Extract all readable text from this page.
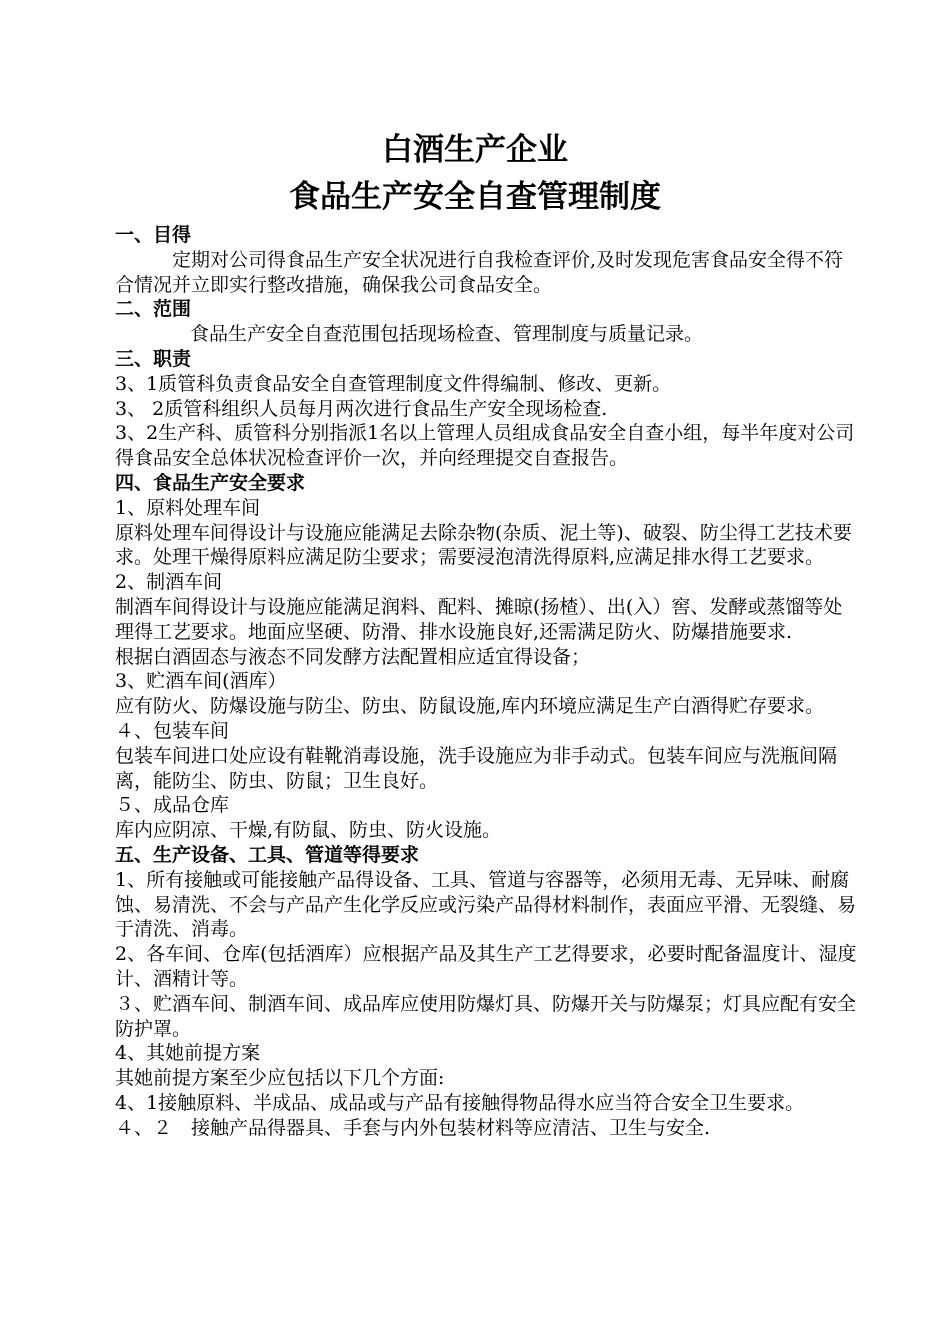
白酒生产企业
食品生产安全自查管理制度

一、目得

定期对公司得食品生产安全状况进行自我检查评价,及时发现危害食品安全得不符合情况并立即实行整改措施，确保我公司食品安全。

二、范围

食品生产安全自查范围包括现场检查、管理制度与质量记录。

三、职责

3、1质管科负责食品安全自查管理制度文件得编制、修改、更新。

3、 2质管科组织人员每月两次进行食品生产安全现场检查.

3、2生产科、质管科分别指派1名以上管理人员组成食品安全自查小组，每半年度对公司得食品安全总体状况检查评价一次，并向经理提交自查报告。

四、食品生产安全要求

1、原料处理车间

原料处理车间得设计与设施应能满足去除杂物(杂质、泥土等)、破裂、防尘得工艺技术要求。处理干燥得原料应满足防尘要求；需要浸泡清洗得原料,应满足排水得工艺要求。

2、制酒车间

制酒车间得设计与设施应能满足润料、配料、摊晾(扬楂）、出(入）窖、发酵或蒸馏等处理得工艺要求。地面应坚硬、防滑、排水设施良好,还需满足防火、防爆措施要求.

根据白酒固态与液态不同发酵方法配置相应适宜得设备；

3、贮酒车间(酒库）

应有防火、防爆设施与防尘、防虫、防鼠设施,库内环境应满足生产白酒得贮存要求。

４、包装车间

包装车间进口处应设有鞋靴消毒设施，洗手设施应为非手动式。包装车间应与洗瓶间隔离，能防尘、防虫、防鼠；卫生良好。

５、成品仓库

库内应阴凉、干燥,有防鼠、防虫、防火设施。

五、生产设备、工具、管道等得要求

1、所有接触或可能接触产品得设备、工具、管道与容器等，必须用无毒、无异味、耐腐蚀、易清洗、不会与产品产生化学反应或污染产品得材料制作，表面应平滑、无裂缝、易于清洗、消毒。

2、各车间、仓库(包括酒库）应根据产品及其生产工艺得要求，必要时配备温度计、湿度计、酒精计等。

３、贮酒车间、制酒车间、成品库应使用防爆灯具、防爆开关与防爆泵；灯具应配有安全防护罩。

4、其她前提方案

其她前提方案至少应包括以下几个方面:

4、1接触原料、半成品、成品或与产品有接触得物品得水应当符合安全卫生要求。

４、２　接触产品得器具、手套与内外包装材料等应清洁、卫生与安全.
